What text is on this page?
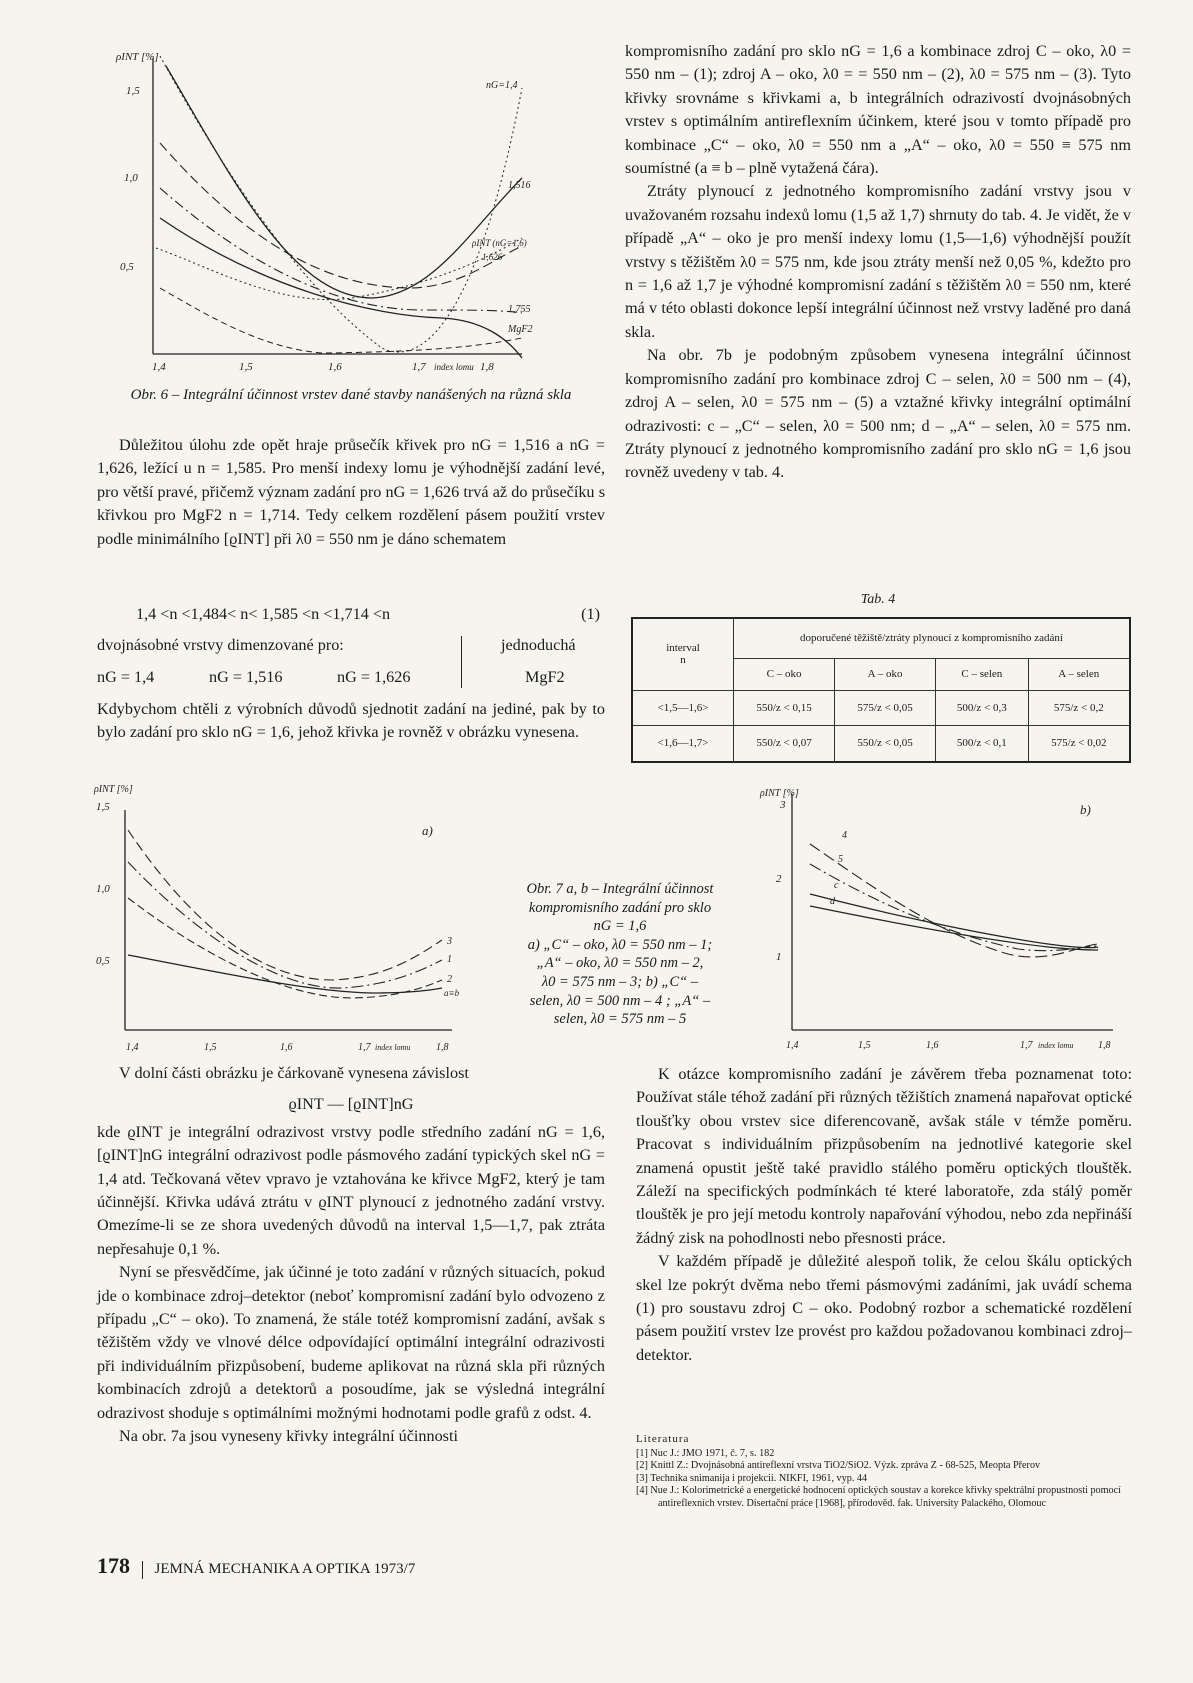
ρINT [%]
1,5
1,0
0,5
1,4	1,5	1,6	1,7 index lomu 1,8
nG=1,4
1,516
ρINT (nG=1,6)
1,626
1,755
MgF2
Obr. 6 – Integrální účinnost vrstev dané stavby nanášených na různá skla

Důležitou úlohu zde opět hraje průsečík křivek pro nG = 1,516 a nG = 1,626, ležící u n = 1,585. Pro menší indexy lomu je výhodnější zadání levé, pro větší pravé, přičemž význam zadání pro nG = 1,626 trvá až do průsečíku s křivkou pro MgF2 n = 1,714. Tedy celkem rozdělení pásem použití vrstev podle minimálního [ϱINT] při λ0 = 550 nm je dáno schematem

1,4 <n <1,484< n< 1,585 <n <1,714 <n	(1)
dvojnásobné vrstvy dimenzované pro:	jednoduchá
nG = 1,4	nG = 1,516	nG = 1,626	MgF2

Kdybychom chtěli z výrobních důvodů sjednotit zadání na jediné, pak by to bylo zadání pro sklo nG = 1,6, jehož křivka je rovněž v obrázku vynesena.

kompromisního zadání pro sklo nG = 1,6 a kombinace zdroj C – oko, λ0 = 550 nm – (1); zdroj A – oko, λ0 = = 550 nm – (2), λ0 = 575 nm – (3). Tyto křivky srovnáme s křivkami a, b integrálních odrazivostí dvojnásobných vrstev s optimálním antireflexním účinkem, které jsou v tomto případě pro kombinace „C“ – oko, λ0 = 550 nm a „A“ – oko, λ0 = 550 ≡ 575 nm soumístné (a ≡ b – plně vytažená čára).

Ztráty plynoucí z jednotného kompromisního zadání vrstvy jsou v uvažovaném rozsahu indexů lomu (1,5 až 1,7) shrnuty do tab. 4. Je vidět, že v případě „A“ – oko je pro menší indexy lomu (1,5—1,6) výhodnější použít vrstvy s těžištěm λ0 = 575 nm, kde jsou ztráty menší než 0,05 %, kdežto pro n = 1,6 až 1,7 je výhodné kompromisní zadání s těžištěm λ0 = 550 nm, které má v této oblasti dokonce lepší integrální účinnost než vrstvy laděné pro daná skla.

Na obr. 7b je podobným způsobem vynesena integrální účinnost kompromisního zadání pro kombinace zdroj C – selen, λ0 = 500 nm – (4), zdroj A – selen, λ0 = 575 nm – (5) a vztažné křivky integrální optimální odrazivosti: c – „C“ – selen, λ0 = 500 nm; d – „A“ – selen, λ0 = 575 nm. Ztráty plynoucí z jednotného kompromisního zadání pro sklo nG = 1,6 jsou rovněž uvedeny v tab. 4.

Tab. 4
interval
n	doporučené těžiště/ztráty plynoucí z kompromisního zadání			
	C – oko	A – oko	C – selen	A – selen
<1,5—1,6>	550/z < 0,15	575/z < 0,05	500/z < 0,3	575/z < 0,2
<1,6—1,7>	550/z < 0,07	550/z < 0,05	500/z < 0,1	575/z < 0,02
ρINT [%]
1,5
1,0
0,5
1,4	1,5	1,6	1,7 index lomu	1,8
a)
3
1
2
a≡b
Obr. 7 a, b – Integrální účinnost
kompromisního zadání pro sklo
nG = 1,6
a) „C“ – oko, λ0 = 550 nm – 1;
„A“ – oko, λ0 = 550 nm – 2,
λ0 = 575 nm – 3; b) „C“ –
selen, λ0 = 500 nm – 4 ; „A“ –
selen, λ0 = 575 nm – 5
ρINT [%]
3
2
1
1,4	1,5	1,6	1,7 index lomu 1,8
b)
4
5
c
d

V dolní části obrázku je čárkovaně vynesena závislost

ϱINT — [ϱINT]nG

kde ϱINT je integrální odrazivost vrstvy podle středního zadání nG = 1,6, [ϱINT]nG integrální odrazivost podle pásmového zadání typických skel nG = 1,4 atd. Tečkovaná větev vpravo je vztahována ke křivce MgF2, který je tam účinnější. Křivka udává ztrátu v ϱINT plynoucí z jednotného zadání vrstvy. Omezíme-li se ze shora uvedených důvodů na interval 1,5—1,7, pak ztráta nepřesahuje 0,1 %.

Nyní se přesvědčíme, jak účinné je toto zadání v různých situacích, pokud jde o kombinace zdroj–detektor (neboť kompromisní zadání bylo odvozeno z případu „C“ – oko). To znamená, že stále totéž kompromisní zadání, avšak s těžištěm vždy ve vlnové délce odpovídající optimální integrální odrazivosti při individuálním přizpůsobení, budeme aplikovat na různá skla při různých kombinacích zdrojů a detektorů a posoudíme, jak se výsledná integrální odrazivost shoduje s optimálními možnými hodnotami podle grafů z odst. 4.

Na obr. 7a jsou vyneseny křivky integrální účinnosti

K otázce kompromisního zadání je závěrem třeba poznamenat toto: Používat stále téhož zadání při různých těžištích znamená napařovat optické tloušťky obou vrstev sice diferencovaně, avšak stále v témže poměru. Pracovat s individuálním přizpůsobením na jednotlivé kategorie skel znamená opustit ještě také pravidlo stálého poměru optických tlouštěk. Záleží na specifických podmínkách té které laboratoře, zda stálý poměr tlouštěk je pro její metodu kontroly napařování výhodou, nebo zda nepřináší žádný zisk na pohodlnosti nebo přesnosti práce.

V každém případě je důležité alespoň tolik, že celou škálu optických skel lze pokrýt dvěma nebo třemi pásmovými zadáními, jak uvádí schema (1) pro soustavu zdroj C – oko. Podobný rozbor a schematické rozdělení pásem použití vrstev lze provést pro každou požadovanou kombinaci zdroj–detektor.

Literatura
[1] Nuc J.: JMO 1971, č. 7, s. 182
[2] Knittl Z.: Dvojnásobná antireflexní vrstva TiO2/SiO2. Výzk. zpráva Z - 68-525, Meopta Přerov
[3] Technika snimanija i projekcii. NIKFI, 1961, vyp. 44
[4] Nue J.: Kolorimetrické a energetické hodnocení optických soustav a korekce křivky spektrální propustnosti pomocí antireflexních vrstev. Disertační práce [1968], přírodověd. fak. University Palackého, Olomouc
178 JEMNÁ MECHANIKA A OPTIKA 1973/7
